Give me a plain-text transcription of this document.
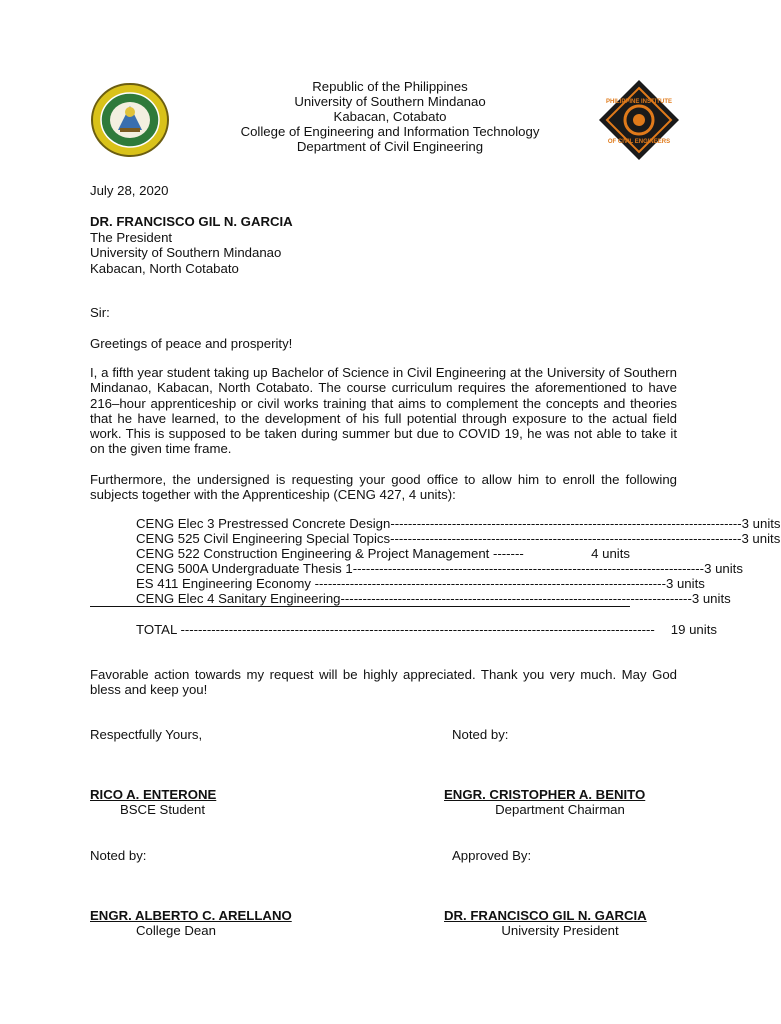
PHILIPPINE INSTITUTE
OF CIVIL ENGINEERS
Republic of the Philippines
University of Southern Mindanao
Kabacan, Cotabato
College of Engineering and Information Technology
Department of Civil Engineering
July 28, 2020
DR. FRANCISCO GIL N. GARCIA
The President
University of Southern Mindanao
Kabacan, North Cotabato
Sir:
Greetings of peace and prosperity!

I, a fifth year student taking up Bachelor of Science in Civil Engineering at the University of Southern Mindanao, Kabacan, North Cotabato. The course curriculum requires the aforementioned to have 216–hour apprenticeship or civil works training that aims to complement the concepts and theories that he have learned, to the development of his full potential through exposure to the actual field work. This is supposed to be taken during summer but due to COVID 19, he was not able to take it on the given time frame.

Furthermore, the undersigned is requesting your good office to allow him to enroll the following subjects together with the Apprenticeship (CENG 427, 4 units):

CENG Elec 3 Prestressed Concrete Design -------------------------------------------------------------------------------- 3 units
CENG 525 Civil Engineering Special Topics -------------------------------------------------------------------------------- 3 units
CENG 522 Construction Engineering & Project Management -------	4 units
CENG 500A Undergraduate Thesis 1 -------------------------------------------------------------------------------- 3 units
ES 411 Engineering Economy -------------------------------------------------------------------------------- 3 units
CENG Elec 4 Sanitary Engineering -------------------------------------------------------------------------------- 3 units
TOTAL ------------------------------------------------------------------------------------------------------------	19 units

Favorable action towards my request will be highly appreciated. Thank you very much. May God bless and keep you!

Respectfully Yours,	Noted by:
RICO A. ENTERONE
BSCE Student
ENGR. CRISTOPHER A. BENITO
Department Chairman
Noted by:	Approved By:
ENGR. ALBERTO C. ARELLANO
College Dean
DR. FRANCISCO GIL N. GARCIA
University President
